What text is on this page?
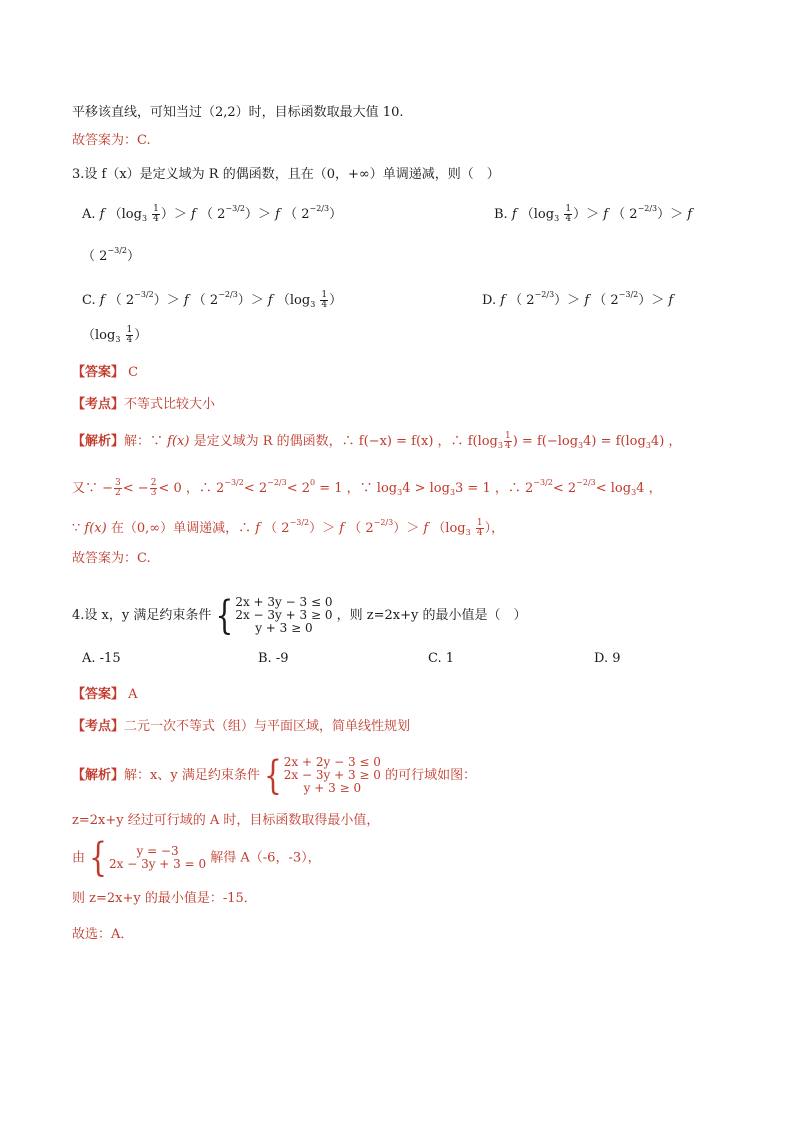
平移该直线，可知当过（2,2）时，目标函数取最大值 10.
故答案为：C.
3.设 f（x）是定义域为 R 的偶函数，且在（0，+∞）单调递减，则（　）
A. f （$\log_3 \frac{1}{4}$ ）＞ f （ $2^{-3/2})> f$ （ $2^{-2/3}$）	B. f （$\log_3 \frac{1}{4}$ ）＞ f （ $2^{-2/3})> f$
（ $2^{-3/2}$）
C. f （ $2^{-3/2})> f$ （ $2^{-2/3})> f$ （$\log_3 \frac{1}{4}$ ）	D. f （ $2^{-2/3})> f$ （ $2^{-3/2})> f$
（$\log_3 \frac{1}{4}$ ）
【答案】 C
【考点】不等式比较大小
【解析】解：∵ f(x) 是定义域为 R 的偶函数，∴ f(−x) = f(x) ，∴ $f(\log_3 \frac{1}{4}$ ) = $f(-\log_34) = f(\log_34)$ ，
又∵ − $\frac{3}{2}$ < − $\frac{2}{3} < 0$ ，∴ $2^{-3/2}< 2^{-2/3}< 2^0 = 1$ ，∵ $\log_34 > \log_33 = 1$ ，∴ $2^{-3/2}< 2^{-2/3}< \log_34$ ，
∵ f(x) 在（0,∞）单调递减，∴ f （ $2^{-3/2})> f$ （ $2^{-2/3})> f$ （$\log_3 \frac{1}{4}$ ），
故答案为：C.
4.设 x，y 满足约束条件 { 2x + 3y − 3 ≤ 0
2x − 3y + 3 ≥ 0
y + 3 ≥ 0
，则 z=2x+y 的最小值是（　）
A. -15	B. -9	C. 1	D. 9
【答案】 A
【考点】二元一次不等式（组）与平面区域，简单线性规划
【解析】解：x、y 满足约束条件 { 2x + 2y − 3 ≤ 0
2x − 3y + 3 ≥ 0
y + 3 ≥ 0
的可行域如图：
z=2x+y 经过可行域的 A 时，目标函数取得最小值，
由 {	y = −3
2x − 3y + 3 = 0 解得 A（-6，-3），
则 z=2x+y 的最小值是：-15．
故选：A．
